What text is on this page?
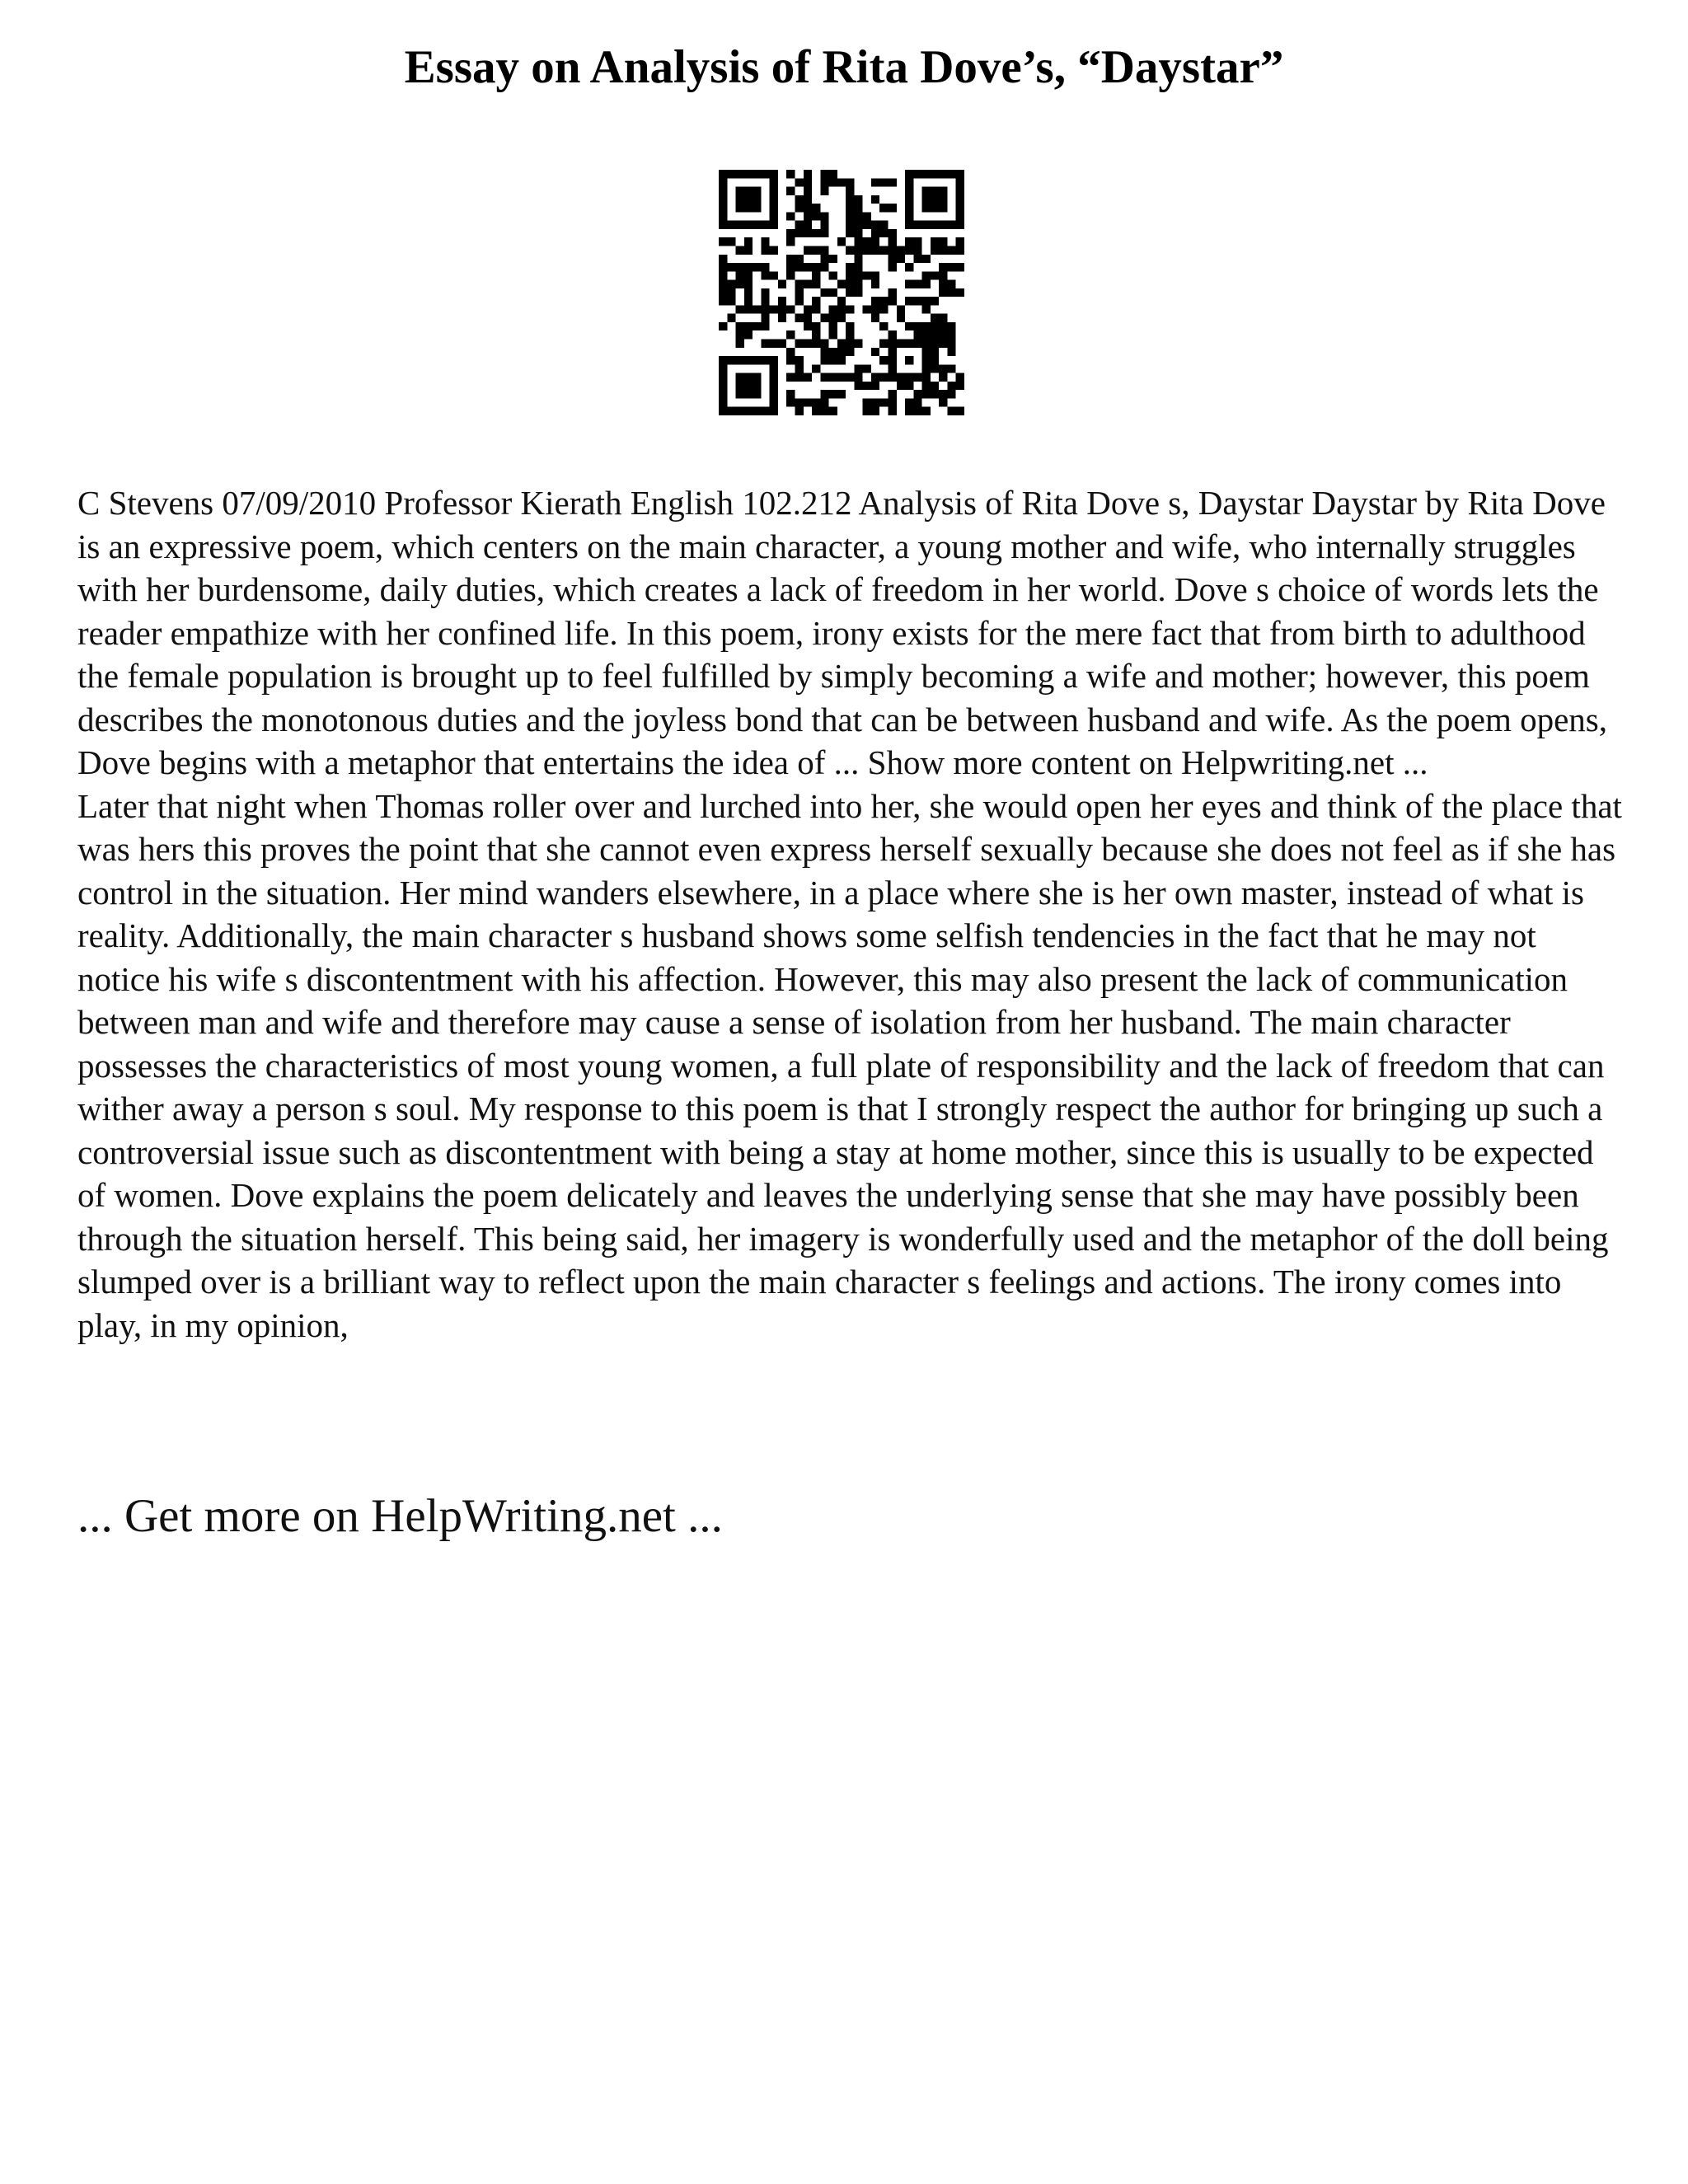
Essay on Analysis of Rita Dove’s, “Daystar”

C Stevens 07/09/2010 Professor Kierath English 102.212 Analysis of Rita Dove s, Daystar Daystar by Rita Dove is an expressive poem, which centers on the main character, a young mother and wife, who internally struggles with her burdensome, daily duties, which creates a lack of freedom in her world. Dove s choice of words lets the reader empathize with her confined life. In this poem, irony exists for the mere fact that from birth to adulthood the female population is brought up to feel fulfilled by simply becoming a wife and mother; however, this poem describes the monotonous duties and the joyless bond that can be between husband and wife. As the poem opens, Dove begins with a metaphor that entertains the idea of ... Show more content on Helpwriting.net ...

Later that night when Thomas roller over and lurched into her, she would open her eyes and think of the place that was hers this proves the point that she cannot even express herself sexually because she does not feel as if she has control in the situation. Her mind wanders elsewhere, in a place where she is her own master, instead of what is reality. Additionally, the main character s husband shows some selfish tendencies in the fact that he may not notice his wife s discontentment with his affection. However, this may also present the lack of communication between man and wife and therefore may cause a sense of isolation from her husband. The main character possesses the characteristics of most young women, a full plate of responsibility and the lack of freedom that can wither away a person s soul. My response to this poem is that I strongly respect the author for bringing up such a controversial issue such as discontentment with being a stay at home mother, since this is usually to be expected of women. Dove explains the poem delicately and leaves the underlying sense that she may have possibly been through the situation herself. This being said, her imagery is wonderfully used and the metaphor of the doll being slumped over is a brilliant way to reflect upon the main character s feelings and actions. The irony comes into play, in my opinion,

... Get more on HelpWriting.net ...
